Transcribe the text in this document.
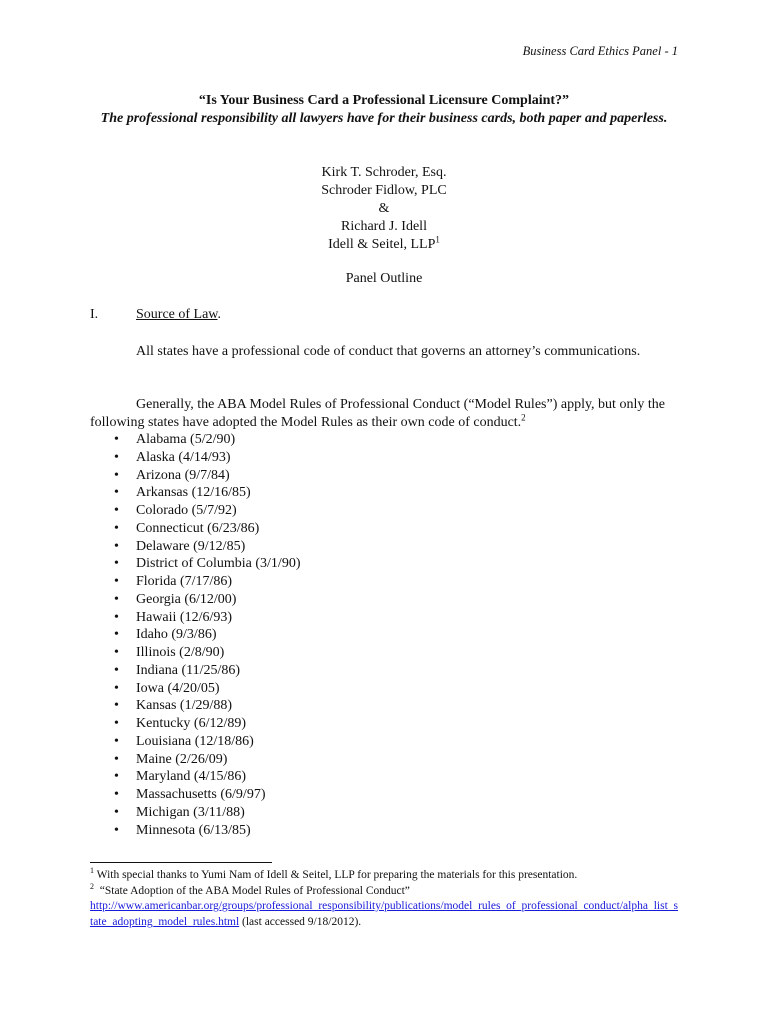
Business Card Ethics Panel - 1

“Is Your Business Card a Professional Licensure Complaint?”

The professional responsibility all lawyers have for their business cards, both paper and paperless.

Kirk T. Schroder, Esq.
Schroder Fidlow, PLC
&
Richard J. Idell
Idell & Seitel, LLP$^1$
Panel Outline
I.	Source of Law.
All states have a professional code of conduct that governs an attorney’s communications.
Generally, the ABA Model Rules of Professional Conduct (“Model Rules”) apply, but only the following states have adopted the Model Rules as their own code of conduct.$^2$
• Alabama (5/2/90)
• Alaska (4/14/93)
• Arizona (9/7/84)
• Arkansas (12/16/85)
• Colorado (5/7/92)
• Connecticut (6/23/86)
• Delaware (9/12/85)
• District of Columbia (3/1/90)
• Florida (7/17/86)
• Georgia (6/12/00)
• Hawaii (12/6/93)
• Idaho (9/3/86)
• Illinois (2/8/90)
• Indiana (11/25/86)
• Iowa (4/20/05)
• Kansas (1/29/88)
• Kentucky (6/12/89)
• Louisiana (12/18/86)
• Maine (2/26/09)
• Maryland (4/15/86)
• Massachusetts (6/9/97)
• Michigan (3/11/88)
• Minnesota (6/13/85)
$^1$ With special thanks to Yumi Nam of Idell & Seitel, LLP for preparing the materials for this presentation.
$^2$ “State Adoption of the ABA Model Rules of Professional Conduct”
http://www.americanbar.org/groups/professional_responsibility/publications/model_rules_of_professional_conduct/alpha_list_state_adopting_model_rules.html (last accessed 9/18/2012).
